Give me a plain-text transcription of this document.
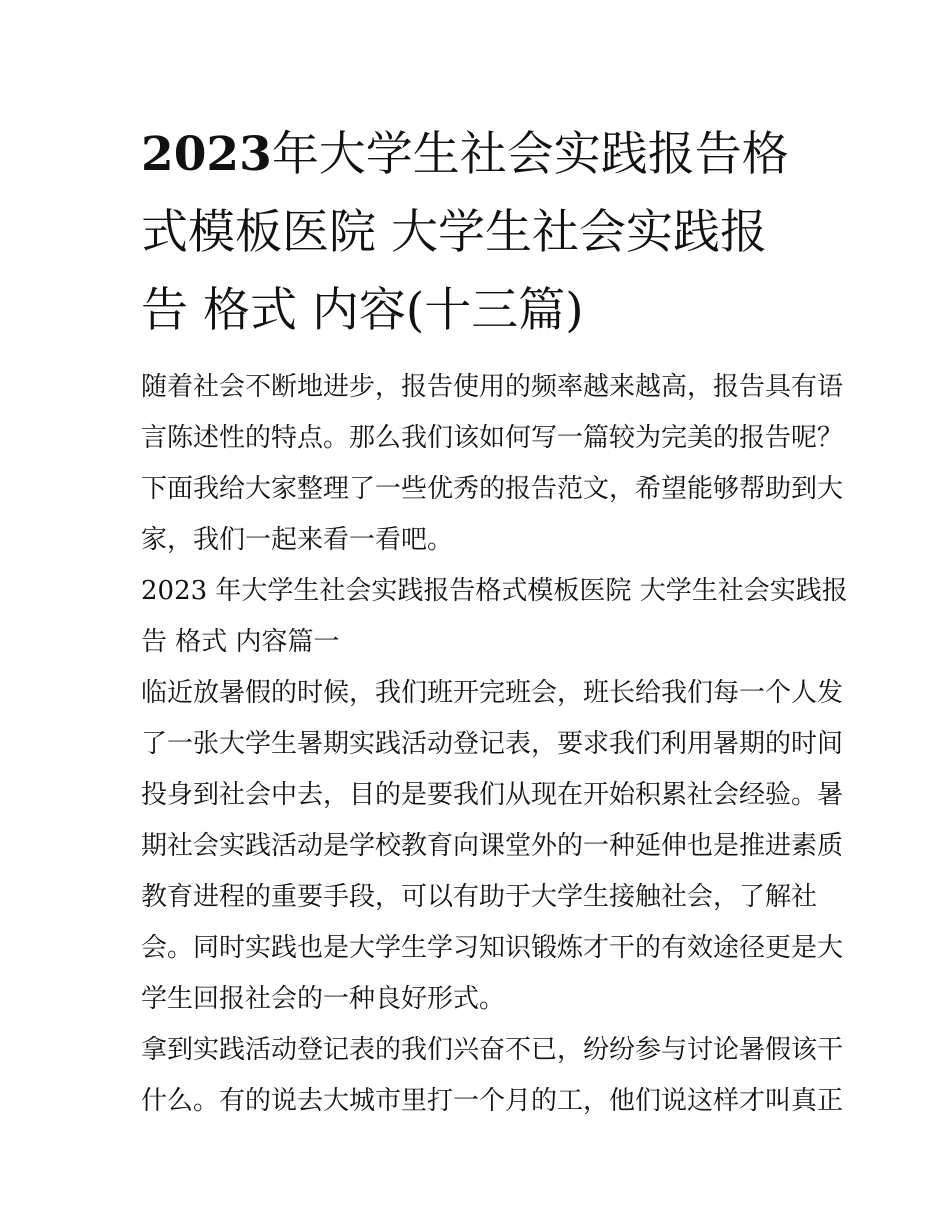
2023年大学生社会实践报告格
式模板医院 大学生社会实践报
告 格式 内容(十三篇)

随着社会不断地进步，报告使用的频率越来越高，报告具有语
言陈述性的特点。那么我们该如何写一篇较为完美的报告呢？
下面我给大家整理了一些优秀的报告范文，希望能够帮助到大
家，我们一起来看一看吧。

2023 年大学生社会实践报告格式模板医院 大学生社会实践报
告 格式 内容篇一

临近放暑假的时候，我们班开完班会，班长给我们每一个人发
了一张大学生暑期实践活动登记表，要求我们利用暑期的时间
投身到社会中去，目的是要我们从现在开始积累社会经验。暑
期社会实践活动是学校教育向课堂外的一种延伸也是推进素质
教育进程的重要手段，可以有助于大学生接触社会，了解社
会。同时实践也是大学生学习知识锻炼才干的有效途径更是大
学生回报社会的一种良好形式。

拿到实践活动登记表的我们兴奋不已，纷纷参与讨论暑假该干
什么。有的说去大城市里打一个月的工，他们说这样才叫真正
